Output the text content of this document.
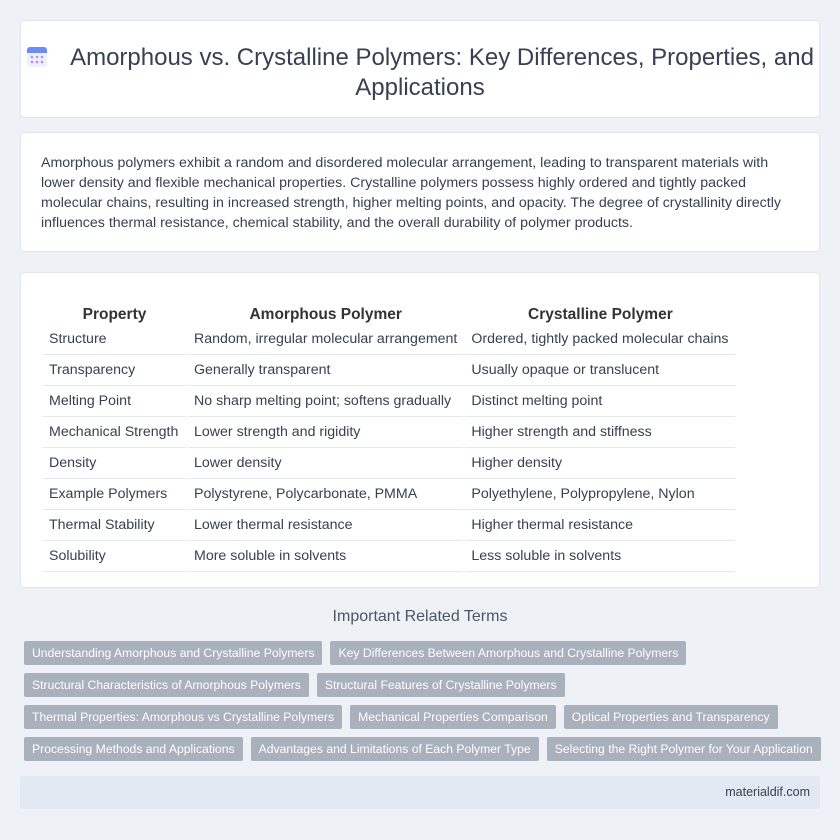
Amorphous vs. Crystalline Polymers: Key Differences, Properties, and Applications

Amorphous polymers exhibit a random and disordered molecular arrangement, leading to transparent materials with lower density and flexible mechanical properties. Crystalline polymers possess highly ordered and tightly packed molecular chains, resulting in increased strength, higher melting points, and opacity. The degree of crystallinity directly influences thermal resistance, chemical stability, and the overall durability of polymer products.

Property	Amorphous Polymer	Crystalline Polymer
Structure	Random, irregular molecular arrangement	Ordered, tightly packed molecular chains
Transparency	Generally transparent	Usually opaque or translucent
Melting Point	No sharp melting point; softens gradually	Distinct melting point
Mechanical Strength	Lower strength and rigidity	Higher strength and stiffness
Density	Lower density	Higher density
Example Polymers	Polystyrene, Polycarbonate, PMMA	Polyethylene, Polypropylene, Nylon
Thermal Stability	Lower thermal resistance	Higher thermal resistance
Solubility	More soluble in solvents	Less soluble in solvents
Important Related Terms
Understanding Amorphous and Crystalline Polymers	Key Differences Between Amorphous and Crystalline Polymers
Structural Characteristics of Amorphous Polymers	Structural Features of Crystalline Polymers
Thermal Properties: Amorphous vs Crystalline Polymers	Mechanical Properties Comparison	Optical Properties and Transparency
Processing Methods and Applications	Advantages and Limitations of Each Polymer Type	Selecting the Right Polymer for Your Application
materialdif.com
